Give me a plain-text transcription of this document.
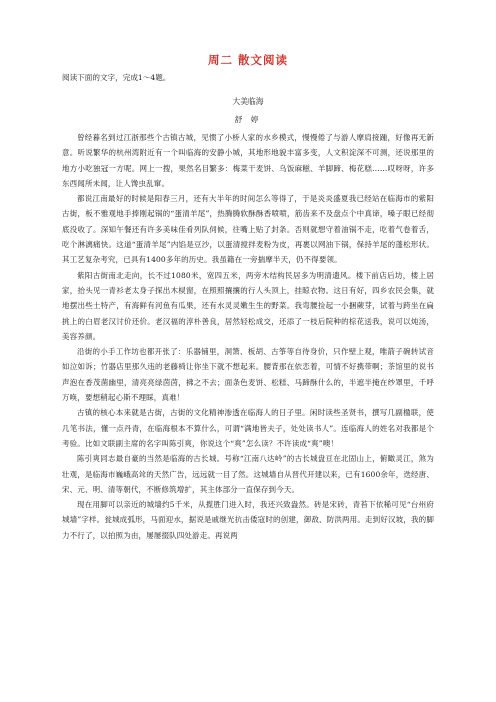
周二 散文阅读
阅读下面的文字，完成1～4题。
大美临海
舒 婷

曾经暮名到过江浙那些个古镇古城，见惯了小桥人家的水乡模式，慢慢倦了与游人摩肩接踵，好像再无新意。听说繁华的杭州湾附近有一个叫临海的安静小城，其地形地貌丰富多变，人文积淀深不可测，还说那里的地方小吃独冠一方呢。网上一搜，果然名目繁多：梅菜干麦饼、乌饭麻糍、羊脚蹄、梅花糕……哎呀呀，许多东西闻所未闻，让人馋虫乱窜。

都说江南最好的时候是阳春三月，还有大半年的时间怎么等得了，于是炎炎盛夏我已经站在临海市的紫阳古街，板不雅观地手捧刚起锅的“蛋清羊尾”，热腾腾软酥酥香喷喷，筋齿来不及盘点个中真谛，嗓子眼已经彻底没收了。深知午餐还有许多美味佳肴列队伺候，往嘴上贴了封条。否则就想守着油锅不走，吃着气卷着舌，吃个淋漓痛快。这道“蛋清羊尾”内馅是豆沙，以蛋清搅拌麦粉为皮，再裹以网油下锅，保持羊尾的蓬松形状。其工艺复杂考究，已具有1400多年的历史。我虽籍在一旁揣摩半天，仍不得要领。

紫阳古街南北走向，长不过1080米，宽四五米，两旁木结构民居多为明清遗风。楼下前店后坊，楼上居家，抬头见一青衫老太身子探出木棂窗，在照照攘攘的行人头顶上，挂晾衣物。这日有好，四乡农民会集，就地摆出些土特产，有海鲜有河鱼有瓜果，还有水灵灵嫩生生的野菜。我弯腰捡起一小捆蕨芽，试着与跨坐在扁挑上的白眉老汉讨价还价。老汉福的淳朴善良，居然轻松成交，还添了一枝后院种的棕花送我，说可以炖汤，美容养颜。

沿街的小手工作坊也都开张了：乐器铺里，洞箫、板胡、古筝等自待身价，只作壁上观，唯箭子碗转试音如泣如诉；竹器店里那久违的老藤椅让你坐下就不想起来。腰背那在依恋着，可情不好携带啊；茶馆里的说书声泡在香茂菌幽里，清亮亮绿茵茵，拂之不去；面条色麦饼、松糕、马蹄酥什么的，半遮半掩在纱罩里，千呼万唤，要想稍起心斯不理睬，真难！

古镇的核心本来就是古街，古街的文化精神渗透在临海人的日子里。闲时读些圣贤书，撰写几副楹联，使几笔书法，懂一点丹青，在临海根本不算什么，可谓“满地皆夫子，处处读书人”。连临海人的姓名对我都是个考验。比如文联副主席的名字叫陈引爽，你说这个“爽”怎么读？不许读成“爽”噢！

陈引爽同志最自豪的当然是临海的古长城。号称“江南八达岭”的古长城盘亘在北固山上，俯瞰灵江，煞为壮观，是临海市巍峨高耸的天然广告，远远就一目了然。这城墙自从晋代开建以来，已有1600余年，迭经唐、宋、元、明、清等朝代，不断修筑增扩，其主体部分一直保存到今天。

现在用脚可以亲近的城墙约5千米，从揽胜门进入时，我还兴致盎然。砖是宋砖，青苔下依稀可见“台州府城墙”字样。瓮城成弧形，马面迎水，据说是戚继光抗击倭寇时的创建，御敌、防洪两用。走到好汉坡，我的脚力不行了，以拍照为由，屡屡掇队四处游走。再说两
